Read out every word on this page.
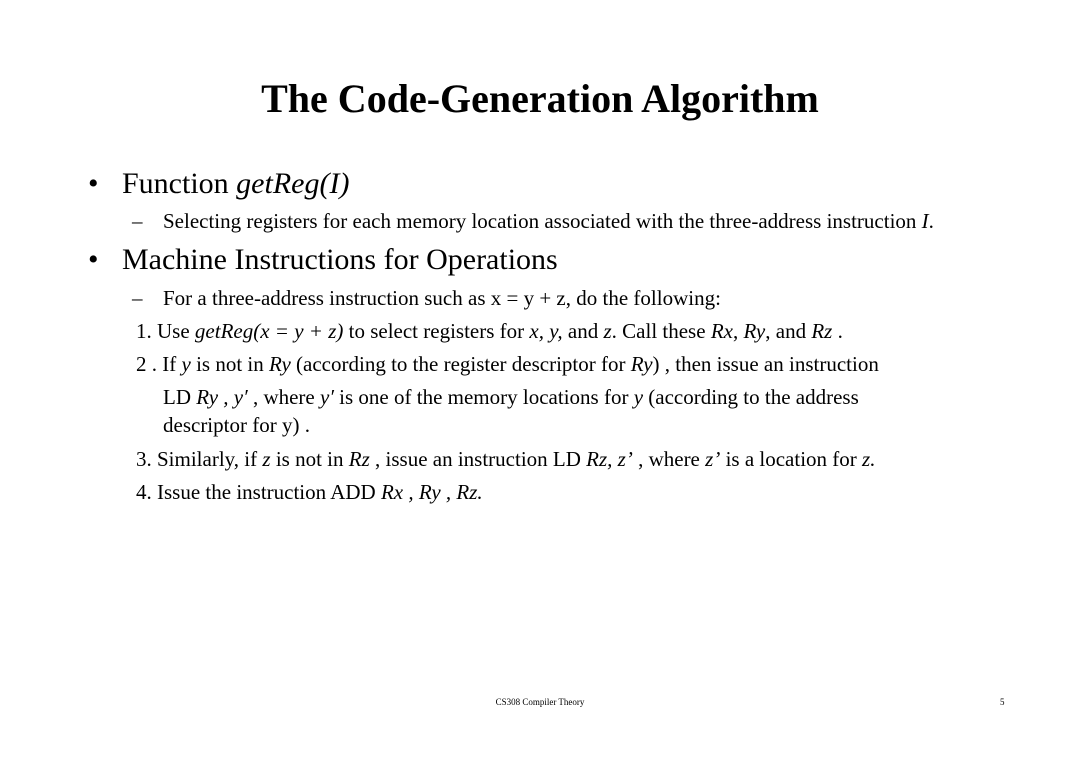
The Code-Generation Algorithm
• Function getReg(I)
– Selecting registers for each memory location associated with the three-address instruction I.
• Machine Instructions for Operations
– For a three-address instruction such as x = y + z, do the following:
1. Use getReg(x = y + z) to select registers for x, y, and z. Call these Rx, Ry, and Rz .
2 . If y is not in Ry (according to the register descriptor for Ry) , then issue an instruction
LD Ry , y′ , where y′ is one of the memory locations for y (according to the address
descriptor for y) .
3. Similarly, if z is not in Rz , issue an instruction LD Rz, z’ , where z’ is a location for z.
4. Issue the instruction ADD Rx , Ry , Rz.
CS308 Compiler Theory	5
